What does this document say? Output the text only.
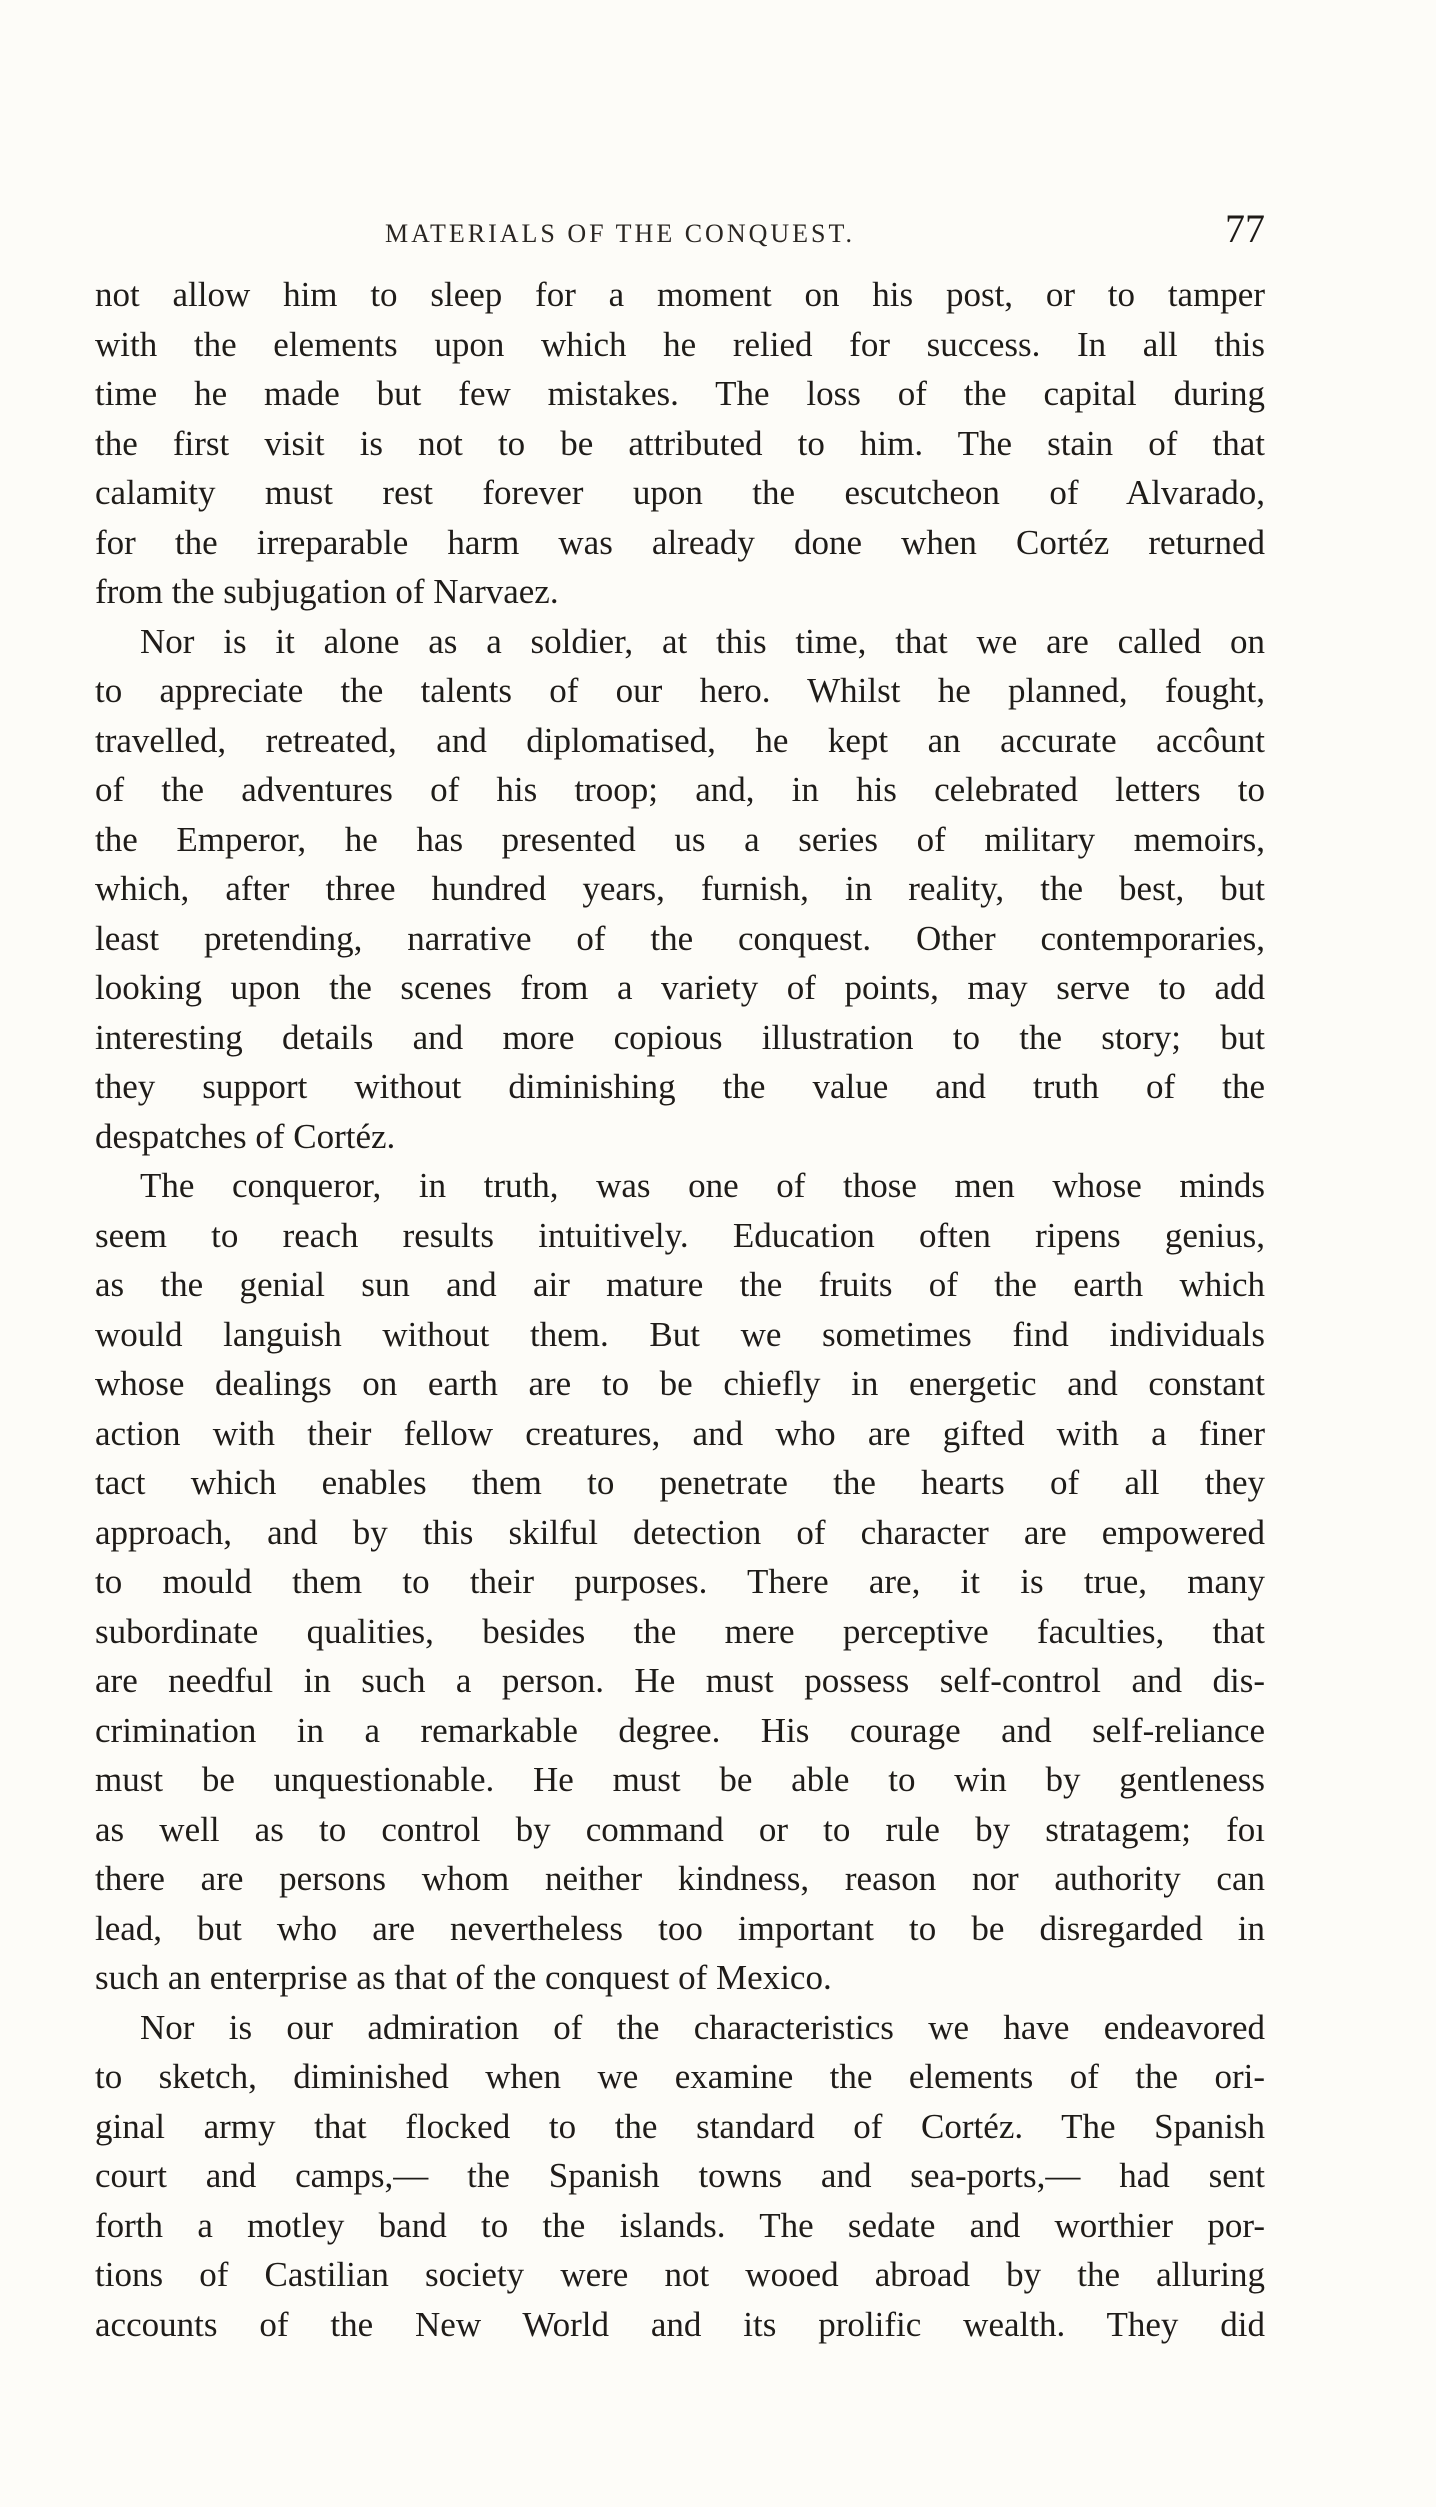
MATERIALS OF THE CONQUEST.	77
not allow him to sleep for a moment on his post, or to tamper
with the elements upon which he relied for success. In all this
time he made but few mistakes. The loss of the capital during
the first visit is not to be attributed to him. The stain of that
calamity must rest forever upon the escutcheon of Alvarado,
for the irreparable harm was already done when Cortéz returned
from the subjugation of Narvaez.
Nor is it alone as a soldier, at this time, that we are called on
to appreciate the talents of our hero. Whilst he planned, fought,
travelled, retreated, and diplomatised, he kept an accurate accôunt
of the adventures of his troop; and, in his celebrated letters to
the Emperor, he has presented us a series of military memoirs,
which, after three hundred years, furnish, in reality, the best, but
least pretending, narrative of the conquest. Other contemporaries,
looking upon the scenes from a variety of points, may serve to add
interesting details and more copious illustration to the story; but
they support without diminishing the value and truth of the
despatches of Cortéz.
The conqueror, in truth, was one of those men whose minds
seem to reach results intuitively. Education often ripens genius,
as the genial sun and air mature the fruits of the earth which
would languish without them. But we sometimes find individuals
whose dealings on earth are to be chiefly in energetic and constant
action with their fellow creatures, and who are gifted with a finer
tact which enables them to penetrate the hearts of all they
approach, and by this skilful detection of character are empowered
to mould them to their purposes. There are, it is true, many
subordinate qualities, besides the mere perceptive faculties, that
are needful in such a person. He must possess self-control and dis-
crimination in a remarkable degree. His courage and self-reliance
must be unquestionable. He must be able to win by gentleness
as well as to control by command or to rule by stratagem; foı
there are persons whom neither kindness, reason nor authority can
lead, but who are nevertheless too important to be disregarded in
such an enterprise as that of the conquest of Mexico.
Nor is our admiration of the characteristics we have endeavored
to sketch, diminished when we examine the elements of the ori-
ginal army that flocked to the standard of Cortéz. The Spanish
court and camps,— the Spanish towns and sea-ports,— had sent
forth a motley band to the islands. The sedate and worthier por-
tions of Castilian society were not wooed abroad by the alluring
accounts of the New World and its prolific wealth. They did
